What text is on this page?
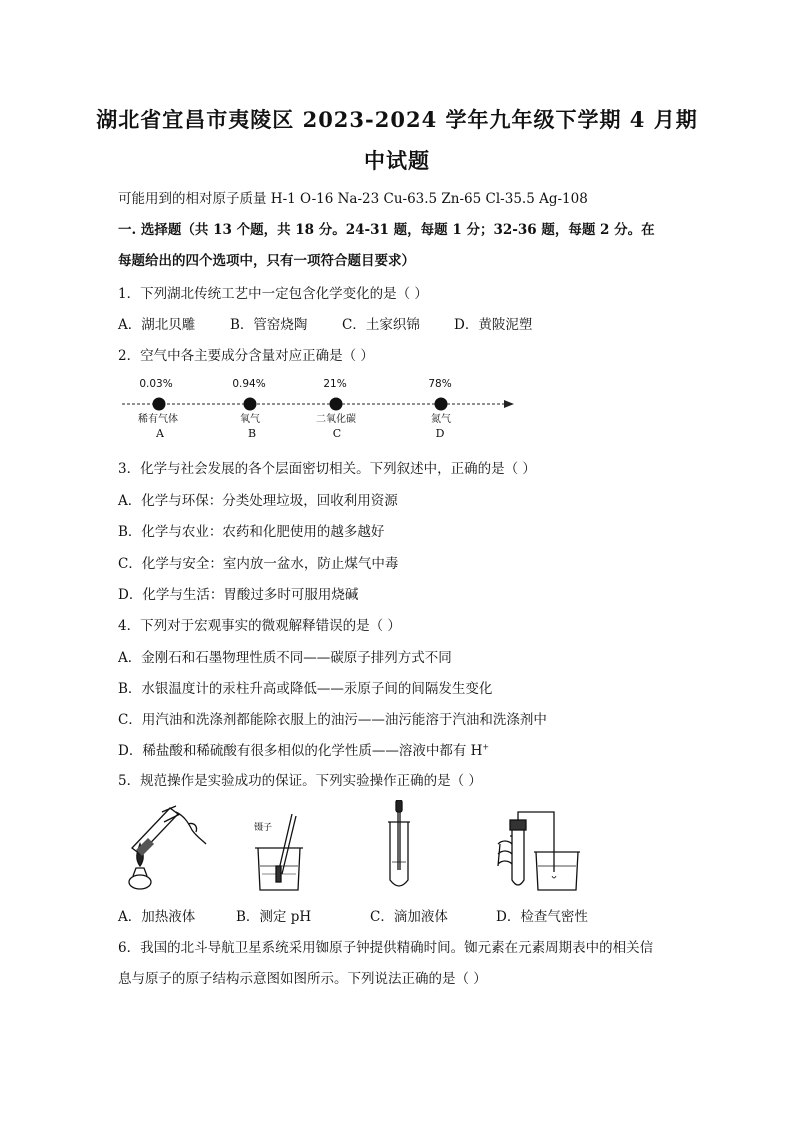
湖北省宜昌市夷陵区 2023-2024 学年九年级下学期 4 月期
中试题
可能用到的相对原子质量 H-1 O-16 Na-23 Cu-63.5 Zn-65 Cl-35.5 Ag-108
一. 选择题（共 13 个题，共 18 分。24-31 题，每题 1 分；32-36 题，每题 2 分。在
每题给出的四个选项中，只有一项符合题目要求）
1．下列湖北传统工艺中一定包含化学变化的是（ ）
A．湖北贝雕	B．管窑烧陶	C．土家织锦	D．黄陂泥塑
2．空气中各主要成分含量对应正确是（ ）
0.03%
稀有气体
A
0.94%
氧气
B
21%
二氧化碳
C
78%
氮气
D
3．化学与社会发展的各个层面密切相关。下列叙述中，正确的是（ ）
A．化学与环保：分类处理垃圾，回收利用资源
B．化学与农业：农药和化肥使用的越多越好
C．化学与安全：室内放一盆水，防止煤气中毒
D．化学与生活：胃酸过多时可服用烧碱
4．下列对于宏观事实的微观解释错误的是（ ）
A．金刚石和石墨物理性质不同——碳原子排列方式不同
B．水银温度计的汞柱升高或降低——汞原子间的间隔发生变化
C．用汽油和洗涤剂都能除衣服上的油污——油污能溶于汽油和洗涤剂中
D．稀盐酸和稀硫酸有很多相似的化学性质——溶液中都有 H+
5．规范操作是实验成功的保证。下列实验操作正确的是（ ）
镊子
A．加热液体	B．测定 pH	C．滴加液体	D．检查气密性
6．我国的北斗导航卫星系统采用铷原子钟提供精确时间。铷元素在元素周期表中的相关信
息与原子的原子结构示意图如图所示。下列说法正确的是（ ）
